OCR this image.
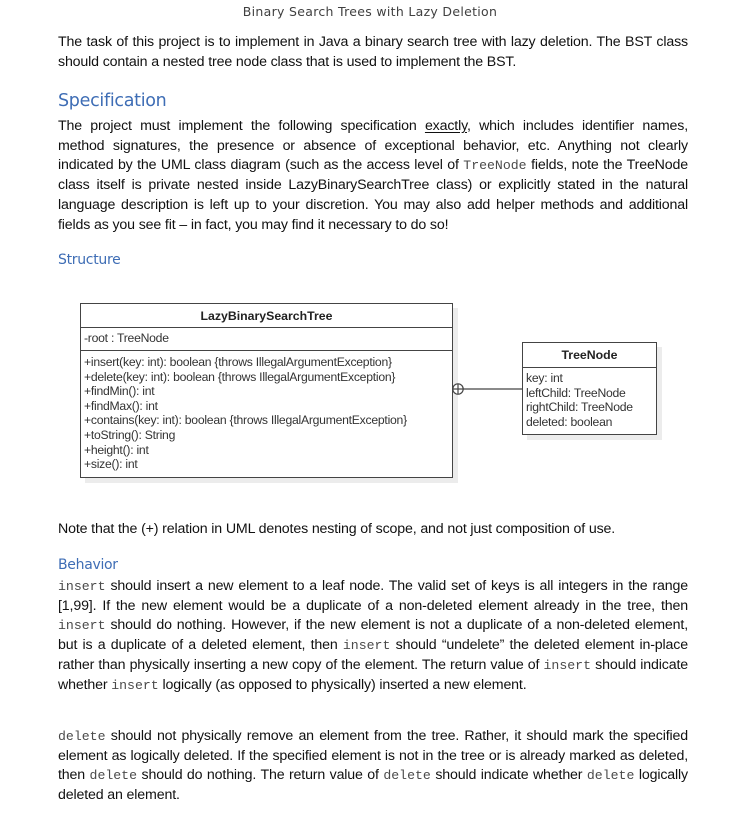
Binary Search Trees with Lazy Deletion
The task of this project is to implement in Java a binary search tree with lazy deletion. The BST class should contain a nested tree node class that is used to implement the BST.
Specification
The project must implement the following specification exactly, which includes identifier names, method signatures, the presence or absence of exceptional behavior, etc. Anything not clearly indicated by the UML class diagram (such as the access level of TreeNode fields, note the TreeNode class itself is private nested inside LazyBinarySearchTree class) or explicitly stated in the natural language description is left up to your discretion. You may also add helper methods and additional fields as you see fit – in fact, you may find it necessary to do so!
Structure
LazyBinarySearchTree
-root : TreeNode
+insert(key: int): boolean {throws IllegalArgumentException}
+delete(key: int): boolean {throws IllegalArgumentException}
+findMin(): int
+findMax(): int
+contains(key: int): boolean {throws IllegalArgumentException}
+toString(): String
+height(): int
+size(): int
TreeNode
key: int
leftChild: TreeNode
rightChild: TreeNode
deleted: boolean
Note that the (+) relation in UML denotes nesting of scope, and not just composition of use.
Behavior
insert should insert a new element to a leaf node. The valid set of keys is all integers in the range [1,99]. If the new element would be a duplicate of a non-deleted element already in the tree, then insert should do nothing. However, if the new element is not a duplicate of a non-deleted element, but is a duplicate of a deleted element, then insert should “undelete” the deleted element in-place rather than physically inserting a new copy of the element. The return value of insert should indicate whether insert logically (as opposed to physically) inserted a new element.
delete should not physically remove an element from the tree. Rather, it should mark the specified element as logically deleted. If the specified element is not in the tree or is already marked as deleted, then delete should do nothing. The return value of delete should indicate whether delete logically deleted an element.
